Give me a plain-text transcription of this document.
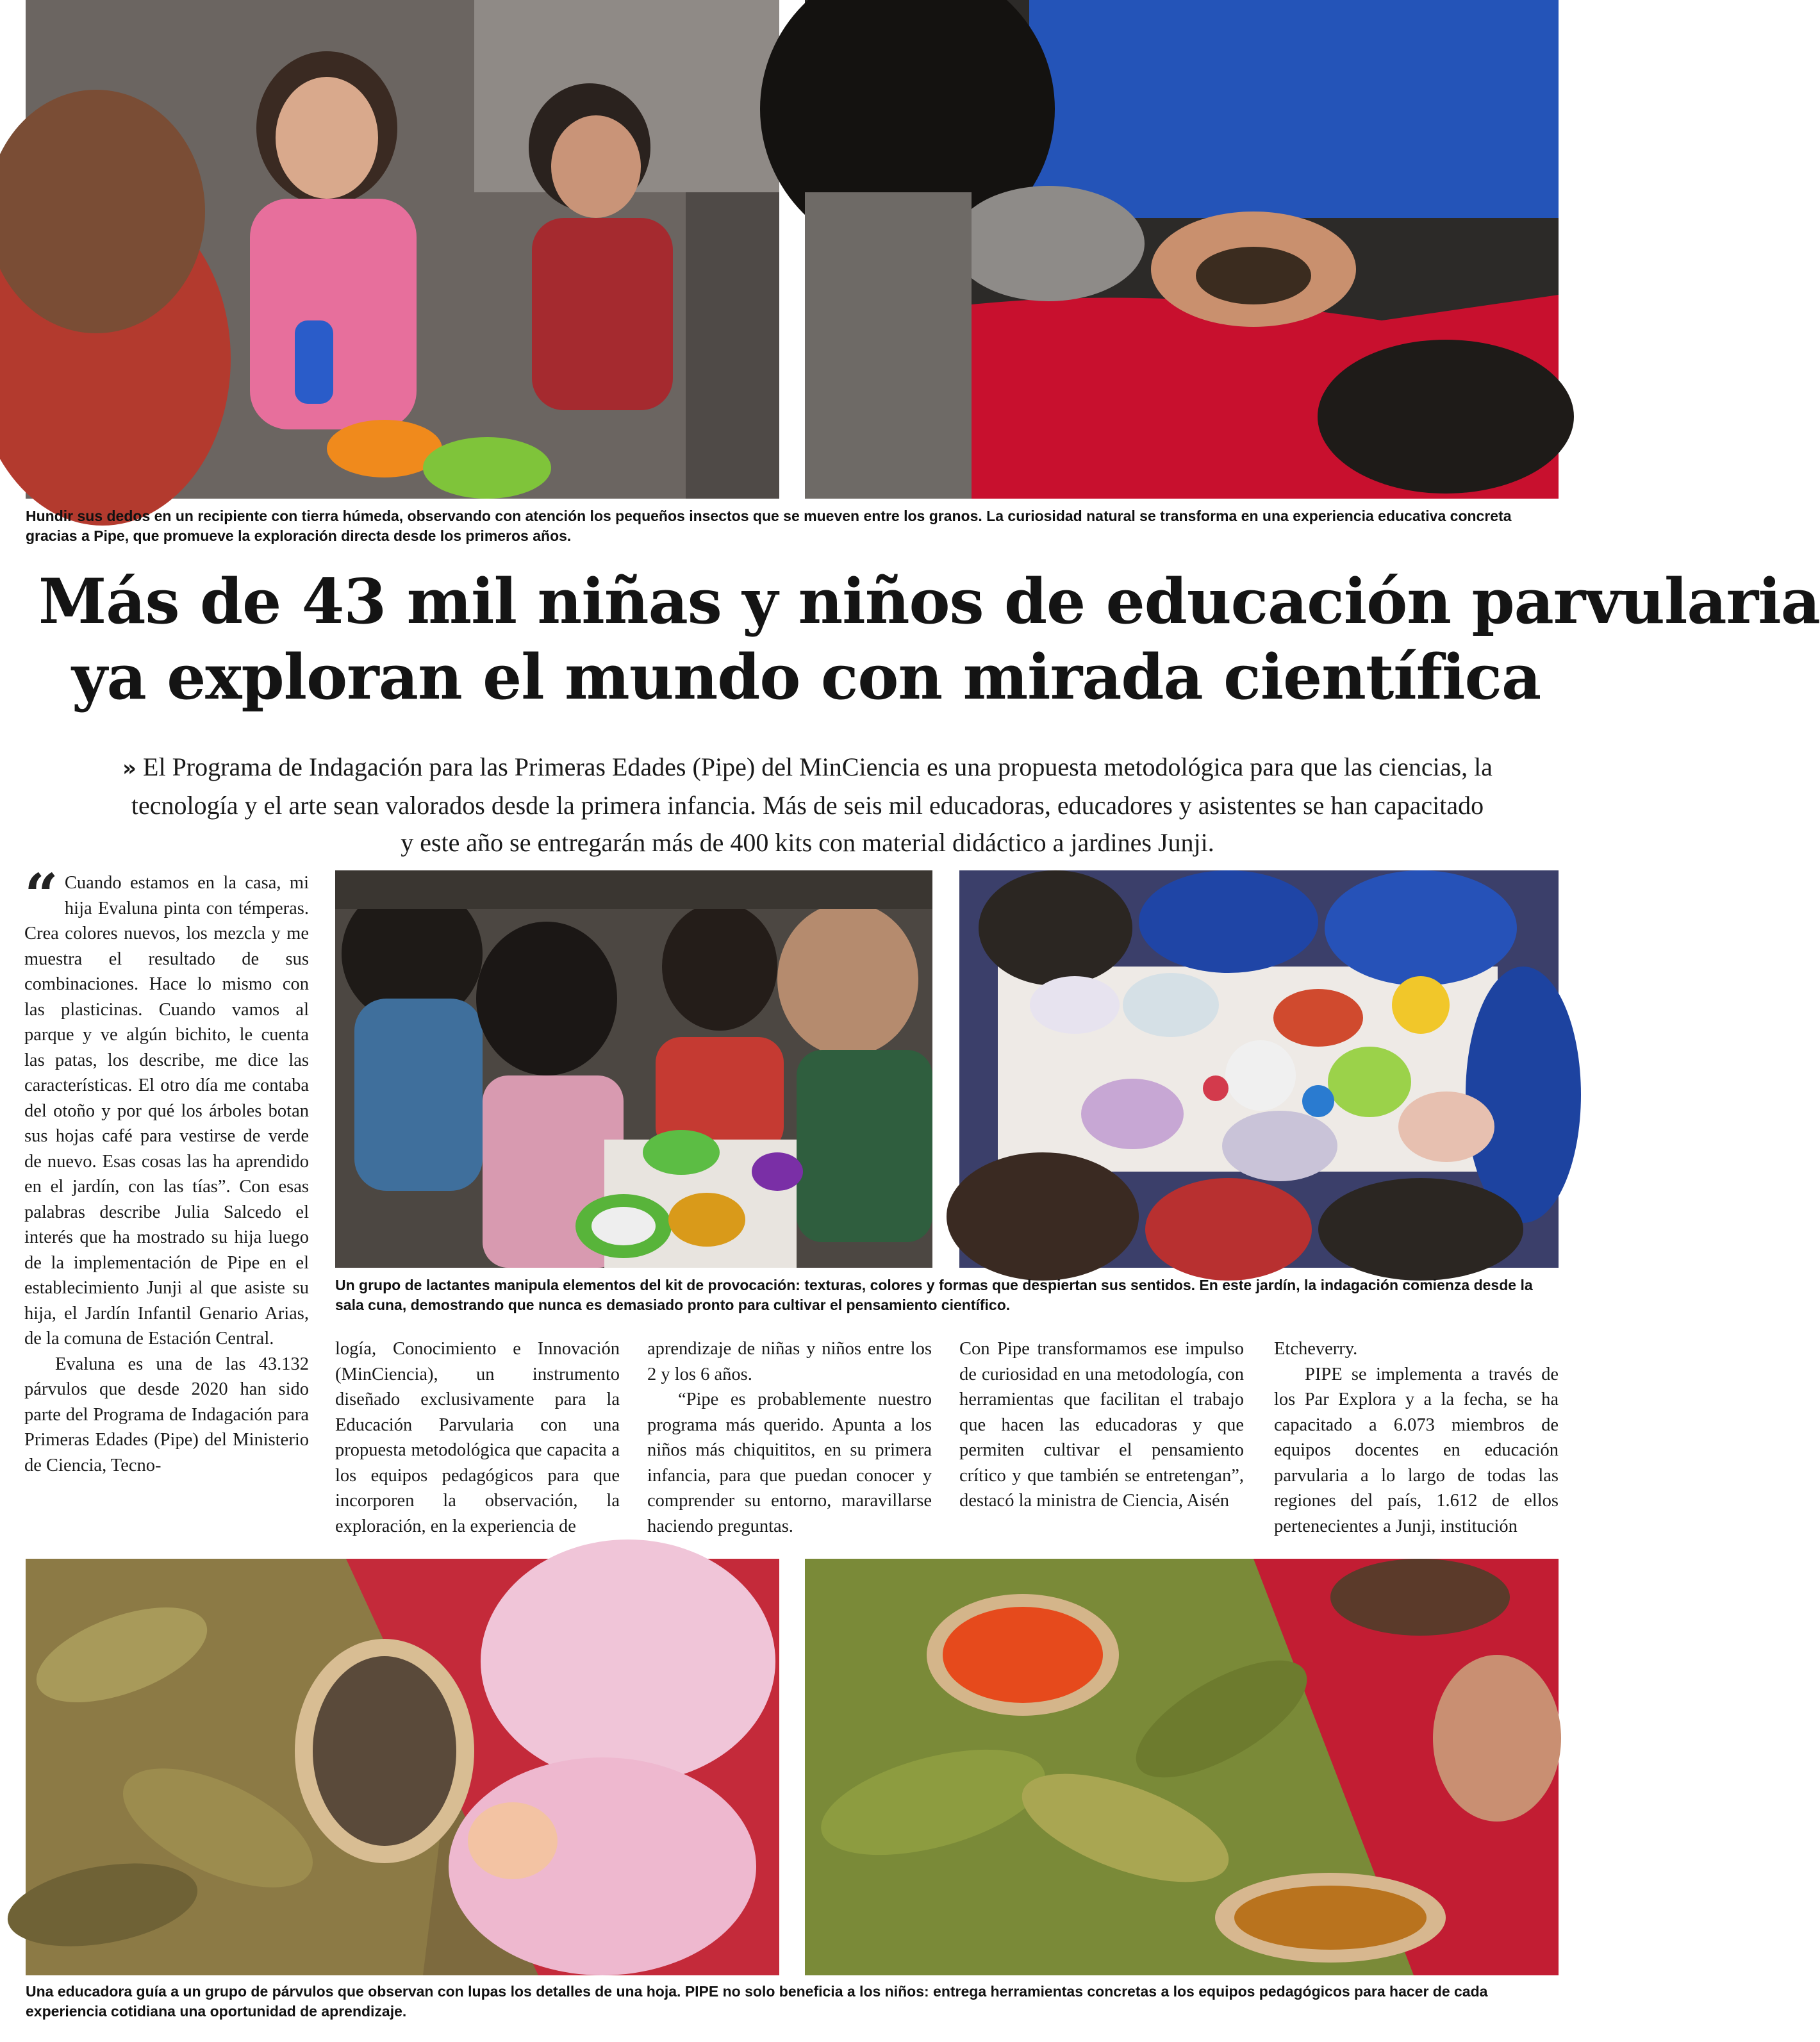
Hundir sus dedos en un recipiente con tierra húmeda, observando con atención los pequeños insectos que se mueven entre los granos. La curiosidad natural se transforma en una experiencia educativa concreta gracias a Pipe, que promueve la exploración directa desde los primeros años.
Más de 43 mil niñas y niños de educación parvularia
ya exploran el mundo con mirada científica
» El Programa de Indagación para las Primeras Edades (Pipe) del MinCiencia es una propuesta metodológica para que las ciencias, la tecnología y el arte sean valorados desde la primera infancia. Más de seis mil educadoras, educadores y asistentes se han capacitado y este año se entregarán más de 400 kits con material didáctico a jardines Junji.
“ Cuando estamos en la casa, mi hija Evaluna pinta con témperas. Crea colores nuevos, los mezcla y me muestra el resultado de sus combinaciones. Hace lo mismo con las plasticinas. Cuando vamos al parque y ve algún bichito, le cuenta las patas, los describe, me dice las características. El otro día me contaba del otoño y por qué los árboles botan sus hojas café para vestirse de verde de nuevo. Esas cosas las ha aprendido en el jardín, con las tías”. Con esas palabras describe Julia Salcedo el interés que ha mostrado su hija luego de la implementación de Pipe en el establecimiento Junji al que asiste su hija, el Jardín Infantil Genario Arias, de la comuna de Estación Central.

Evaluna es una de las 43.132 párvulos que desde 2020 han sido parte del Programa de Indagación para Primeras Edades (Pipe) del Ministerio de Ciencia, Tecno-

Un grupo de lactantes manipula elementos del kit de provocación: texturas, colores y formas que despiertan sus sentidos. En este jardín, la indagación comienza desde la sala cuna, demostrando que nunca es demasiado pronto para cultivar el pensamiento científico.

logía, Conocimiento e Innovación (MinCiencia), un instrumento diseñado exclusivamente para la Educación Parvularia con una propuesta metodológica que capacita a los equipos pedagógicos para que incorporen la observación, la exploración, en la experiencia de

aprendizaje de niñas y niños entre los 2 y los 6 años.

“Pipe es probablemente nuestro programa más querido. Apunta a los niños más chiquititos, en su primera infancia, para que puedan conocer y comprender su entorno, maravillarse haciendo preguntas.

Con Pipe transformamos ese impulso de curiosidad en una metodología, con herramientas que facilitan el trabajo que hacen las educadoras y que permiten cultivar el pensamiento crítico y que también se entretengan”, destacó la ministra de Ciencia, Aisén

Etcheverry.

PIPE se implementa a través de los Par Explora y a la fecha, se ha capacitado a 6.073 miembros de equipos docentes en educación parvularia a lo largo de todas las regiones del país, 1.612 de ellos pertenecientes a Junji, institución

Una educadora guía a un grupo de párvulos que observan con lupas los detalles de una hoja. PIPE no solo beneficia a los niños: entrega herramientas concretas a los equipos pedagógicos para hacer de cada experiencia cotidiana una oportunidad de aprendizaje.
